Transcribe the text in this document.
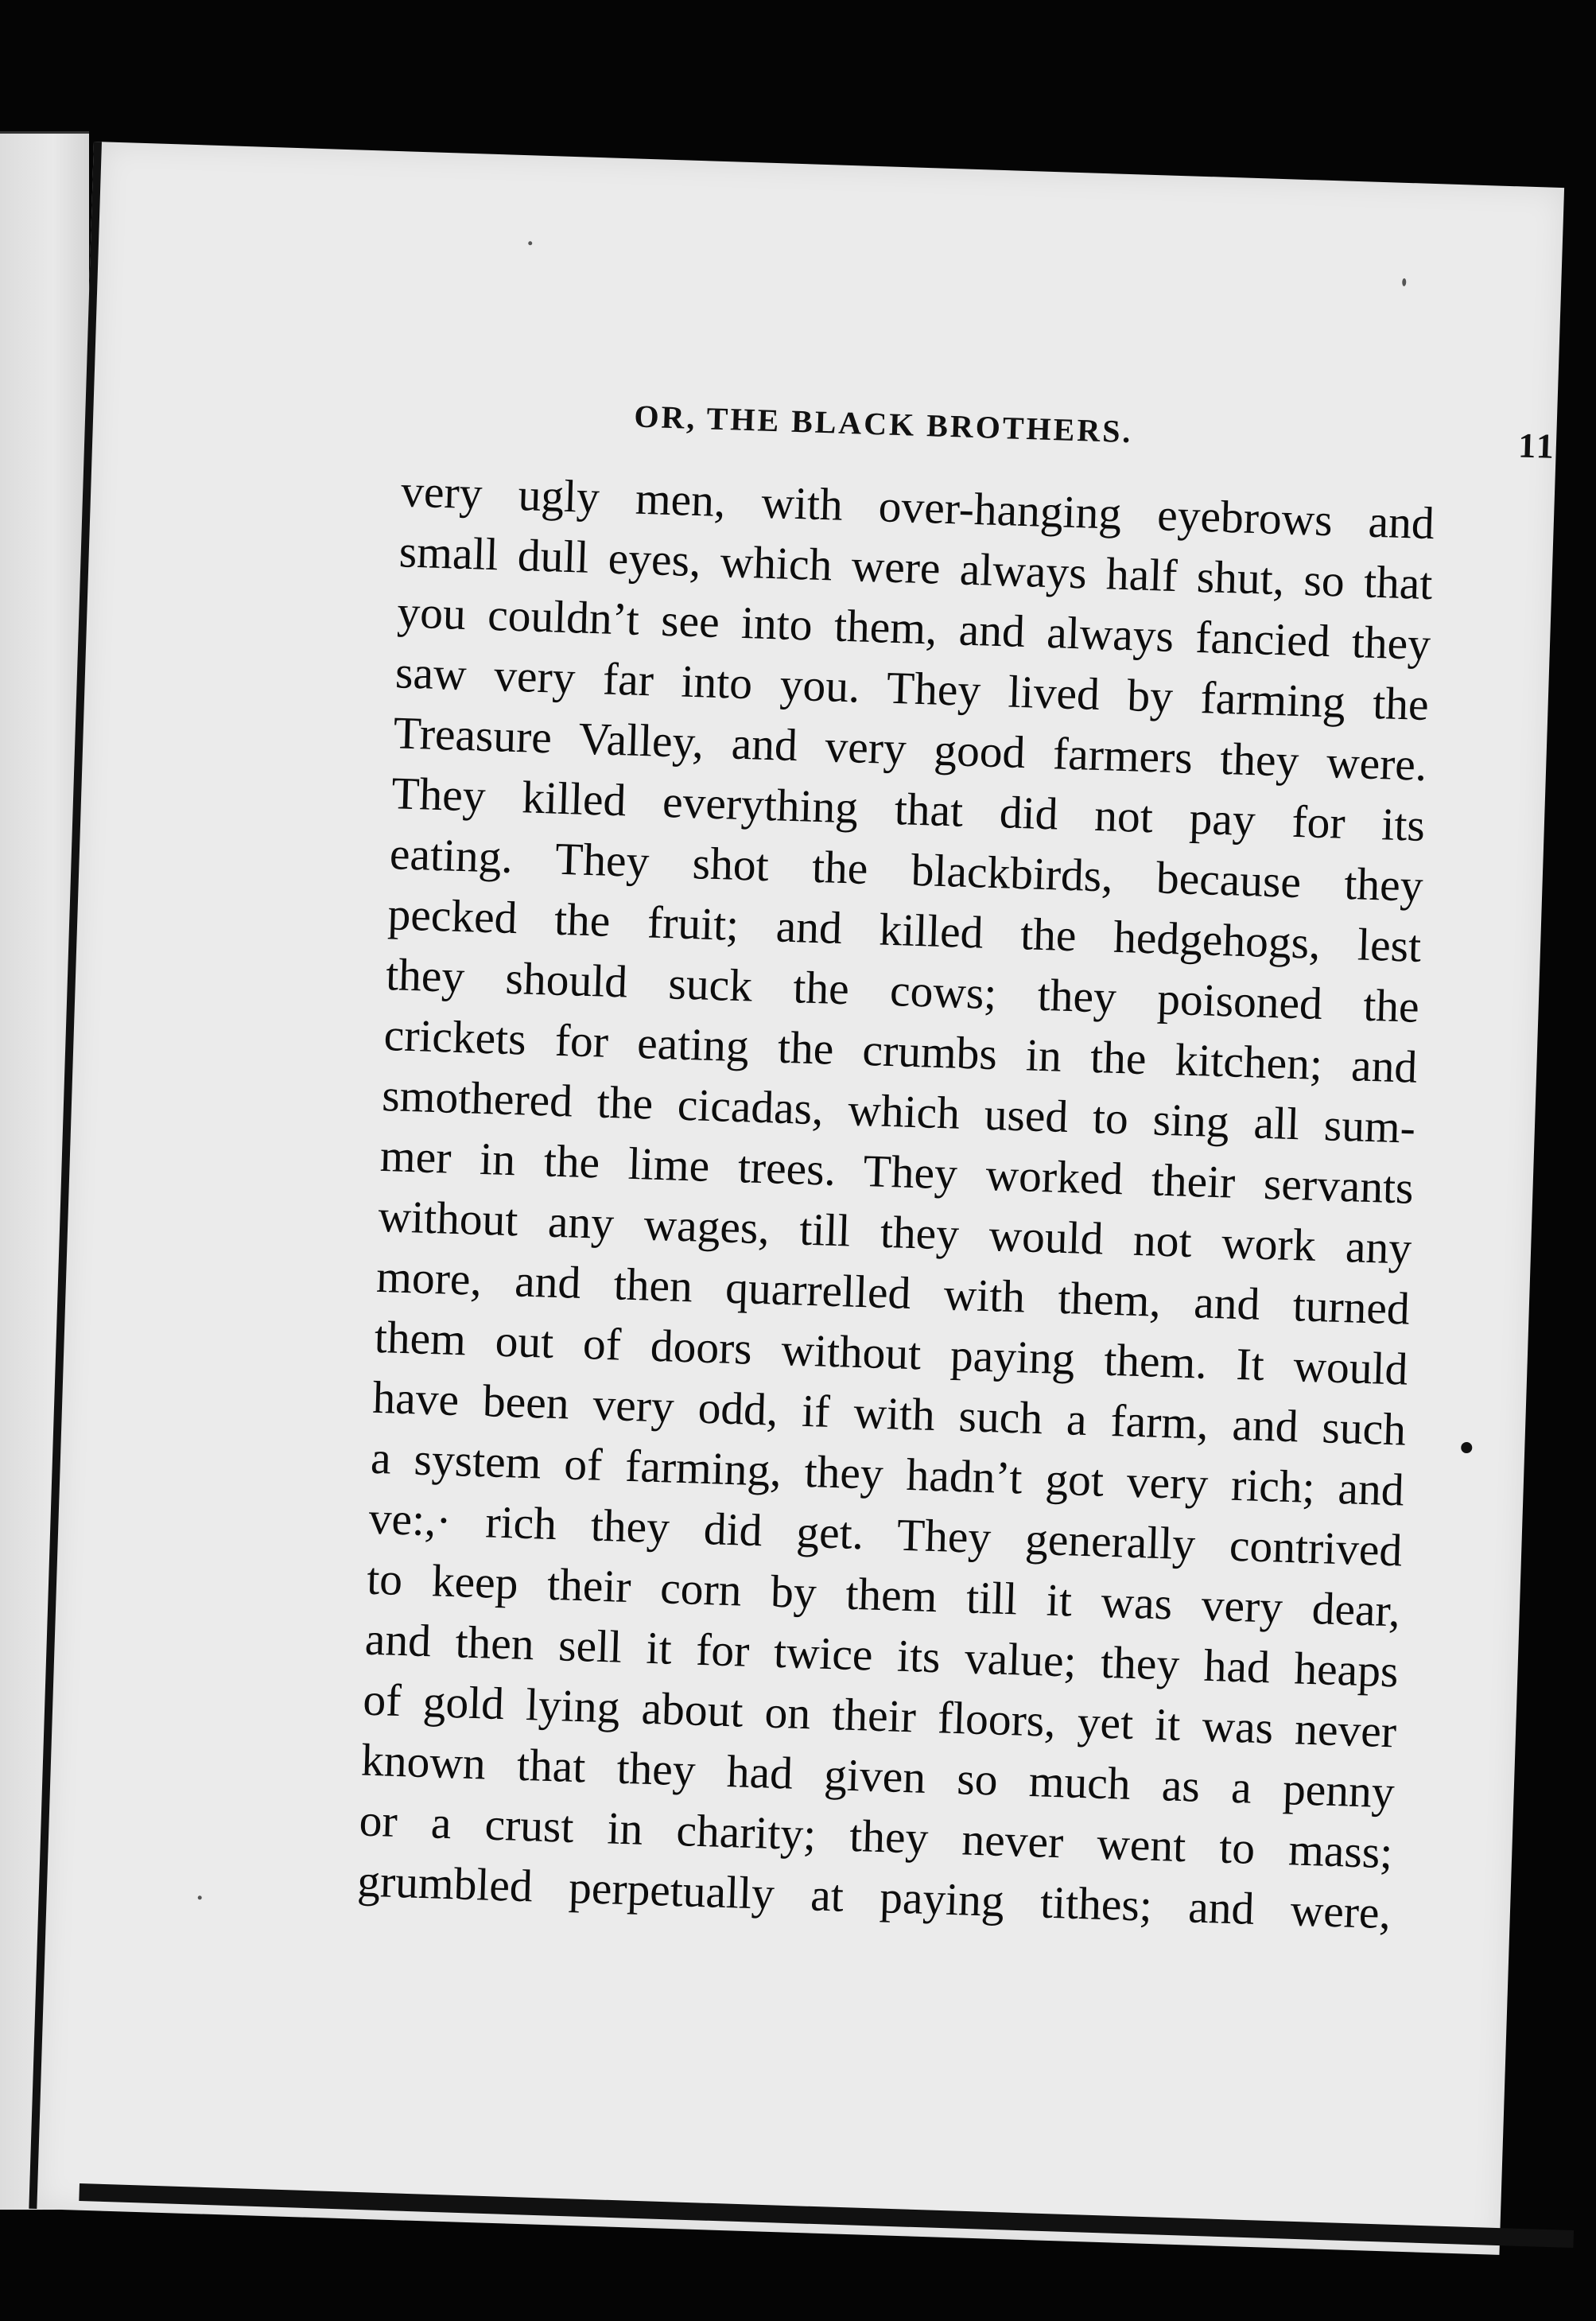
OR, THE BLACK BROTHERS.	11
very ugly men, with over-hanging eyebrows and
small dull eyes, which were always half shut, so that
you couldn’t see into them, and always fancied they
saw very far into you. They lived by farming the
Treasure Valley, and very good farmers they were.
They killed everything that did not pay for its
eating. They shot the blackbirds, because they
pecked the fruit; and killed the hedgehogs, lest
they should suck the cows; they poisoned the
crickets for eating the crumbs in the kitchen; and
smothered the cicadas, which used to sing all sum-
mer in the lime trees. They worked their servants
without any wages, till they would not work any
more, and then quarrelled with them, and turned
them out of doors without paying them. It would
have been very odd, if with such a farm, and such
a system of farming, they hadn’t got very rich; and
ve:,· rich they did get. They generally contrived
to keep their corn by them till it was very dear,
and then sell it for twice its value; they had heaps
of gold lying about on their floors, yet it was never
known that they had given so much as a penny
or a crust in charity; they never went to mass;
grumbled perpetually at paying tithes; and were,
